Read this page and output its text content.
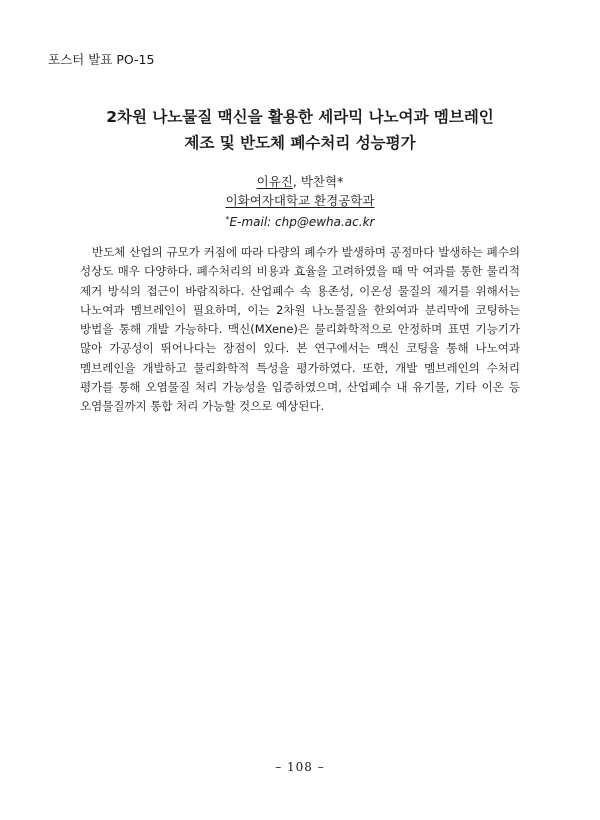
포스터 발표 PO-15
2차원 나노물질 맥신을 활용한 세라믹 나노여과 멤브레인
제조 및 반도체 폐수처리 성능평가
이유진, 박찬혁*
이화여자대학교 환경공학과
*E-mail: chp@ewha.ac.kr

반도체 산업의 규모가 커짐에 따라 다량의 폐수가 발생하며 공정마다 발생하는 폐수의 성상도 매우 다양하다. 폐수처리의 비용과 효율을 고려하였을 때 막 여과를 통한 물리적 제거 방식의 접근이 바람직하다. 산업폐수 속 용존성, 이온성 물질의 제거를 위해서는 나노여과 멤브레인이 필요하며, 이는 2차원 나노물질을 한외여과 분리막에 코팅하는 방법을 통해 개발 가능하다. 맥신(MXene)은 물리화학적으로 안정하며 표면 기능기가 많아 가공성이 뛰어나다는 장점이 있다. 본 연구에서는 맥신 코팅을 통해 나노여과 멤브레인을 개발하고 물리화학적 특성을 평가하였다. 또한, 개발 멤브레인의 수처리 평가를 통해 오염물질 처리 가능성을 입증하였으며, 산업폐수 내 유기물, 기타 이온 등 오염물질까지 통합 처리 가능할 것으로 예상된다.

– 108 –
